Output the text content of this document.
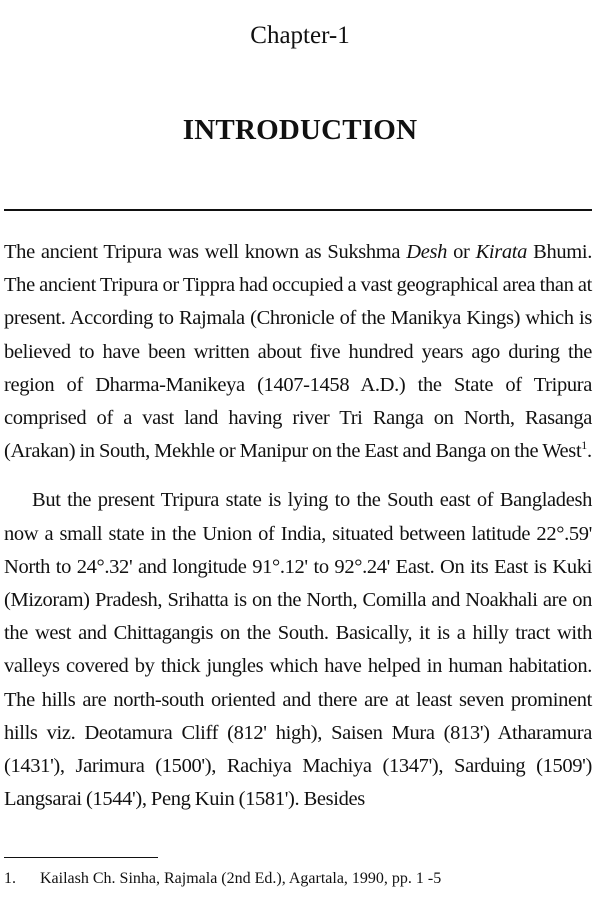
Chapter-1
INTRODUCTION

The ancient Tripura was well known as Sukshma Desh or Kirata Bhumi. The ancient Tripura or Tippra had occupied a vast geographical area than at present. According to Rajmala (Chronicle of the Manikya Kings) which is believed to have been written about five hundred years ago during the region of Dharma-Manikeya (1407-1458 A.D.) the State of Tripura comprised of a vast land having river Tri Ranga on North, Rasanga (Arakan) in South, Mekhle or Manipur on the East and Banga on the West$^1$.

But the present Tripura state is lying to the South east of Bangladesh now a small state in the Union of India, situated between latitude 22°.59' North to 24°.32' and longitude 91°.12' to 92°.24' East. On its East is Kuki (Mizoram) Pradesh, Srihatta is on the North, Comilla and Noakhali are on the west and Chittagangis on the South. Basically, it is a hilly tract with valleys covered by thick jungles which have helped in human habitation. The hills are north-south oriented and there are at least seven prominent hills viz. Deotamura Cliff (812' high), Saisen Mura (813') Atharamura (1431'), Jarimura (1500'), Rachiya Machiya (1347'), Sarduing (1509') Langsarai (1544'), Peng Kuin (1581'). Besides

1. Kailash Ch. Sinha, Rajmala (2nd Ed.), Agartala, 1990, pp. 1 -5
